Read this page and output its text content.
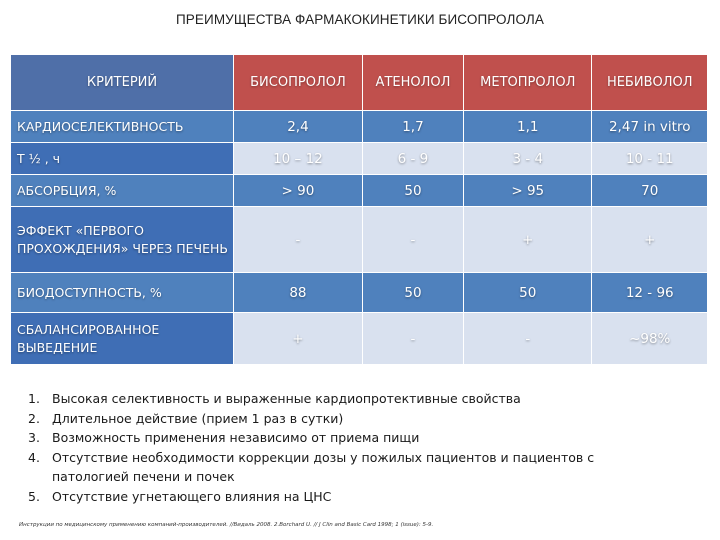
ПРЕИМУЩЕСТВА ФАРМАКОКИНЕТИКИ БИСОПРОЛОЛА
КРИТЕРИЙ	БИСОПРОЛОЛ	АТЕНОЛОЛ	МЕТОПРОЛОЛ	НЕБИВОЛОЛ
КАРДИОСЕЛЕКТИВНОСТЬ	2,4	1,7	1,1	2,47 in vitro
T ½ , ч	10 – 12	6 - 9	3 - 4	10 - 11
АБСОРБЦИЯ, %	> 90	50	> 95	70
ЭФФЕКТ «ПЕРВОГО ПРОХОЖДЕНИЯ» ЧЕРЕЗ ПЕЧЕНЬ	-	-	+	+
БИОДОСТУПНОСТЬ, %	88	50	50	12 - 96
СБАЛАНСИРОВАННОЕ ВЫВЕДЕНИЕ	+	-	-	~98%
1. Высокая селективность и выраженные кардиопротективные свойства
2. Длительное действие (прием 1 раз в сутки)
3. Возможность применения независимо от приема пищи
4. Отсутствие необходимости коррекции дозы у пожилых пациентов и пациентов с патологией печени и почек
5. Отсутствие угнетающего влияния на ЦНС
Инструкции по медицинскому применению компаний-производителей. //Видаль 2008. 2.Borchard U. // J Clin and Basic Card 1998; 1 (issue): 5-9.
